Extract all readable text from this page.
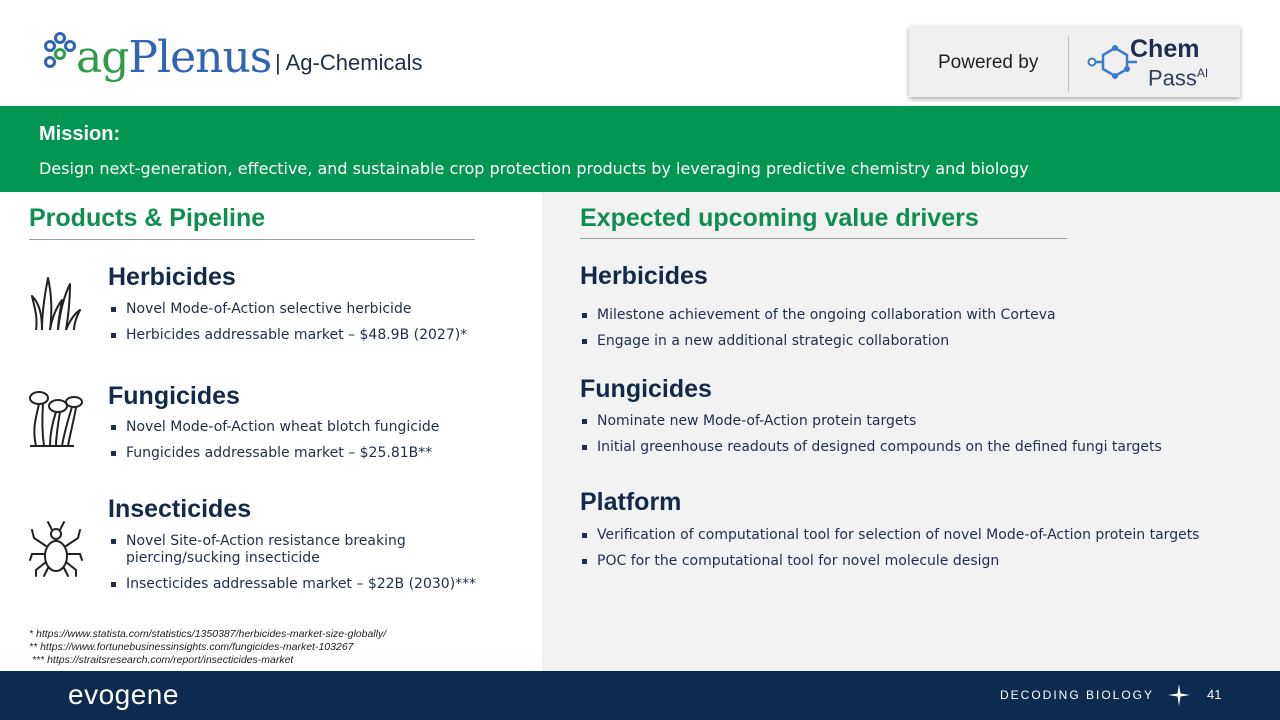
agPlenus | Ag-Chemicals	Powered by	Chem
Pass$^{AI}$
Mission:
Design next-generation, effective, and sustainable crop protection products by leveraging predictive chemistry and biology
Products & Pipeline
Herbicides
Novel Mode-of-Action selective herbicide
Herbicides addressable market – $48.9B (2027)*
Fungicides
Novel Mode-of-Action wheat blotch fungicide
Fungicides addressable market – $25.81B**
Insecticides
Novel Site-of-Action resistance breaking piercing/sucking insecticide
Insecticides addressable market – $22B (2030)***
Expected upcoming value drivers
Herbicides
Milestone achievement of the ongoing collaboration with Corteva
Engage in a new additional strategic collaboration
Fungicides
Nominate new Mode-of-Action protein targets
Initial greenhouse readouts of designed compounds on the defined fungi targets
Platform
Verification of computational tool for selection of novel Mode-of-Action protein targets
POC for the computational tool for novel molecule design
* https://www.statista.com/statistics/1350387/herbicides-market-size-globally/
** https://www.fortunebusinessinsights.com/fungicides-market-103267
*** https://straitsresearch.com/report/insecticides-market
evogene	DECODING BIOLOGY	41
